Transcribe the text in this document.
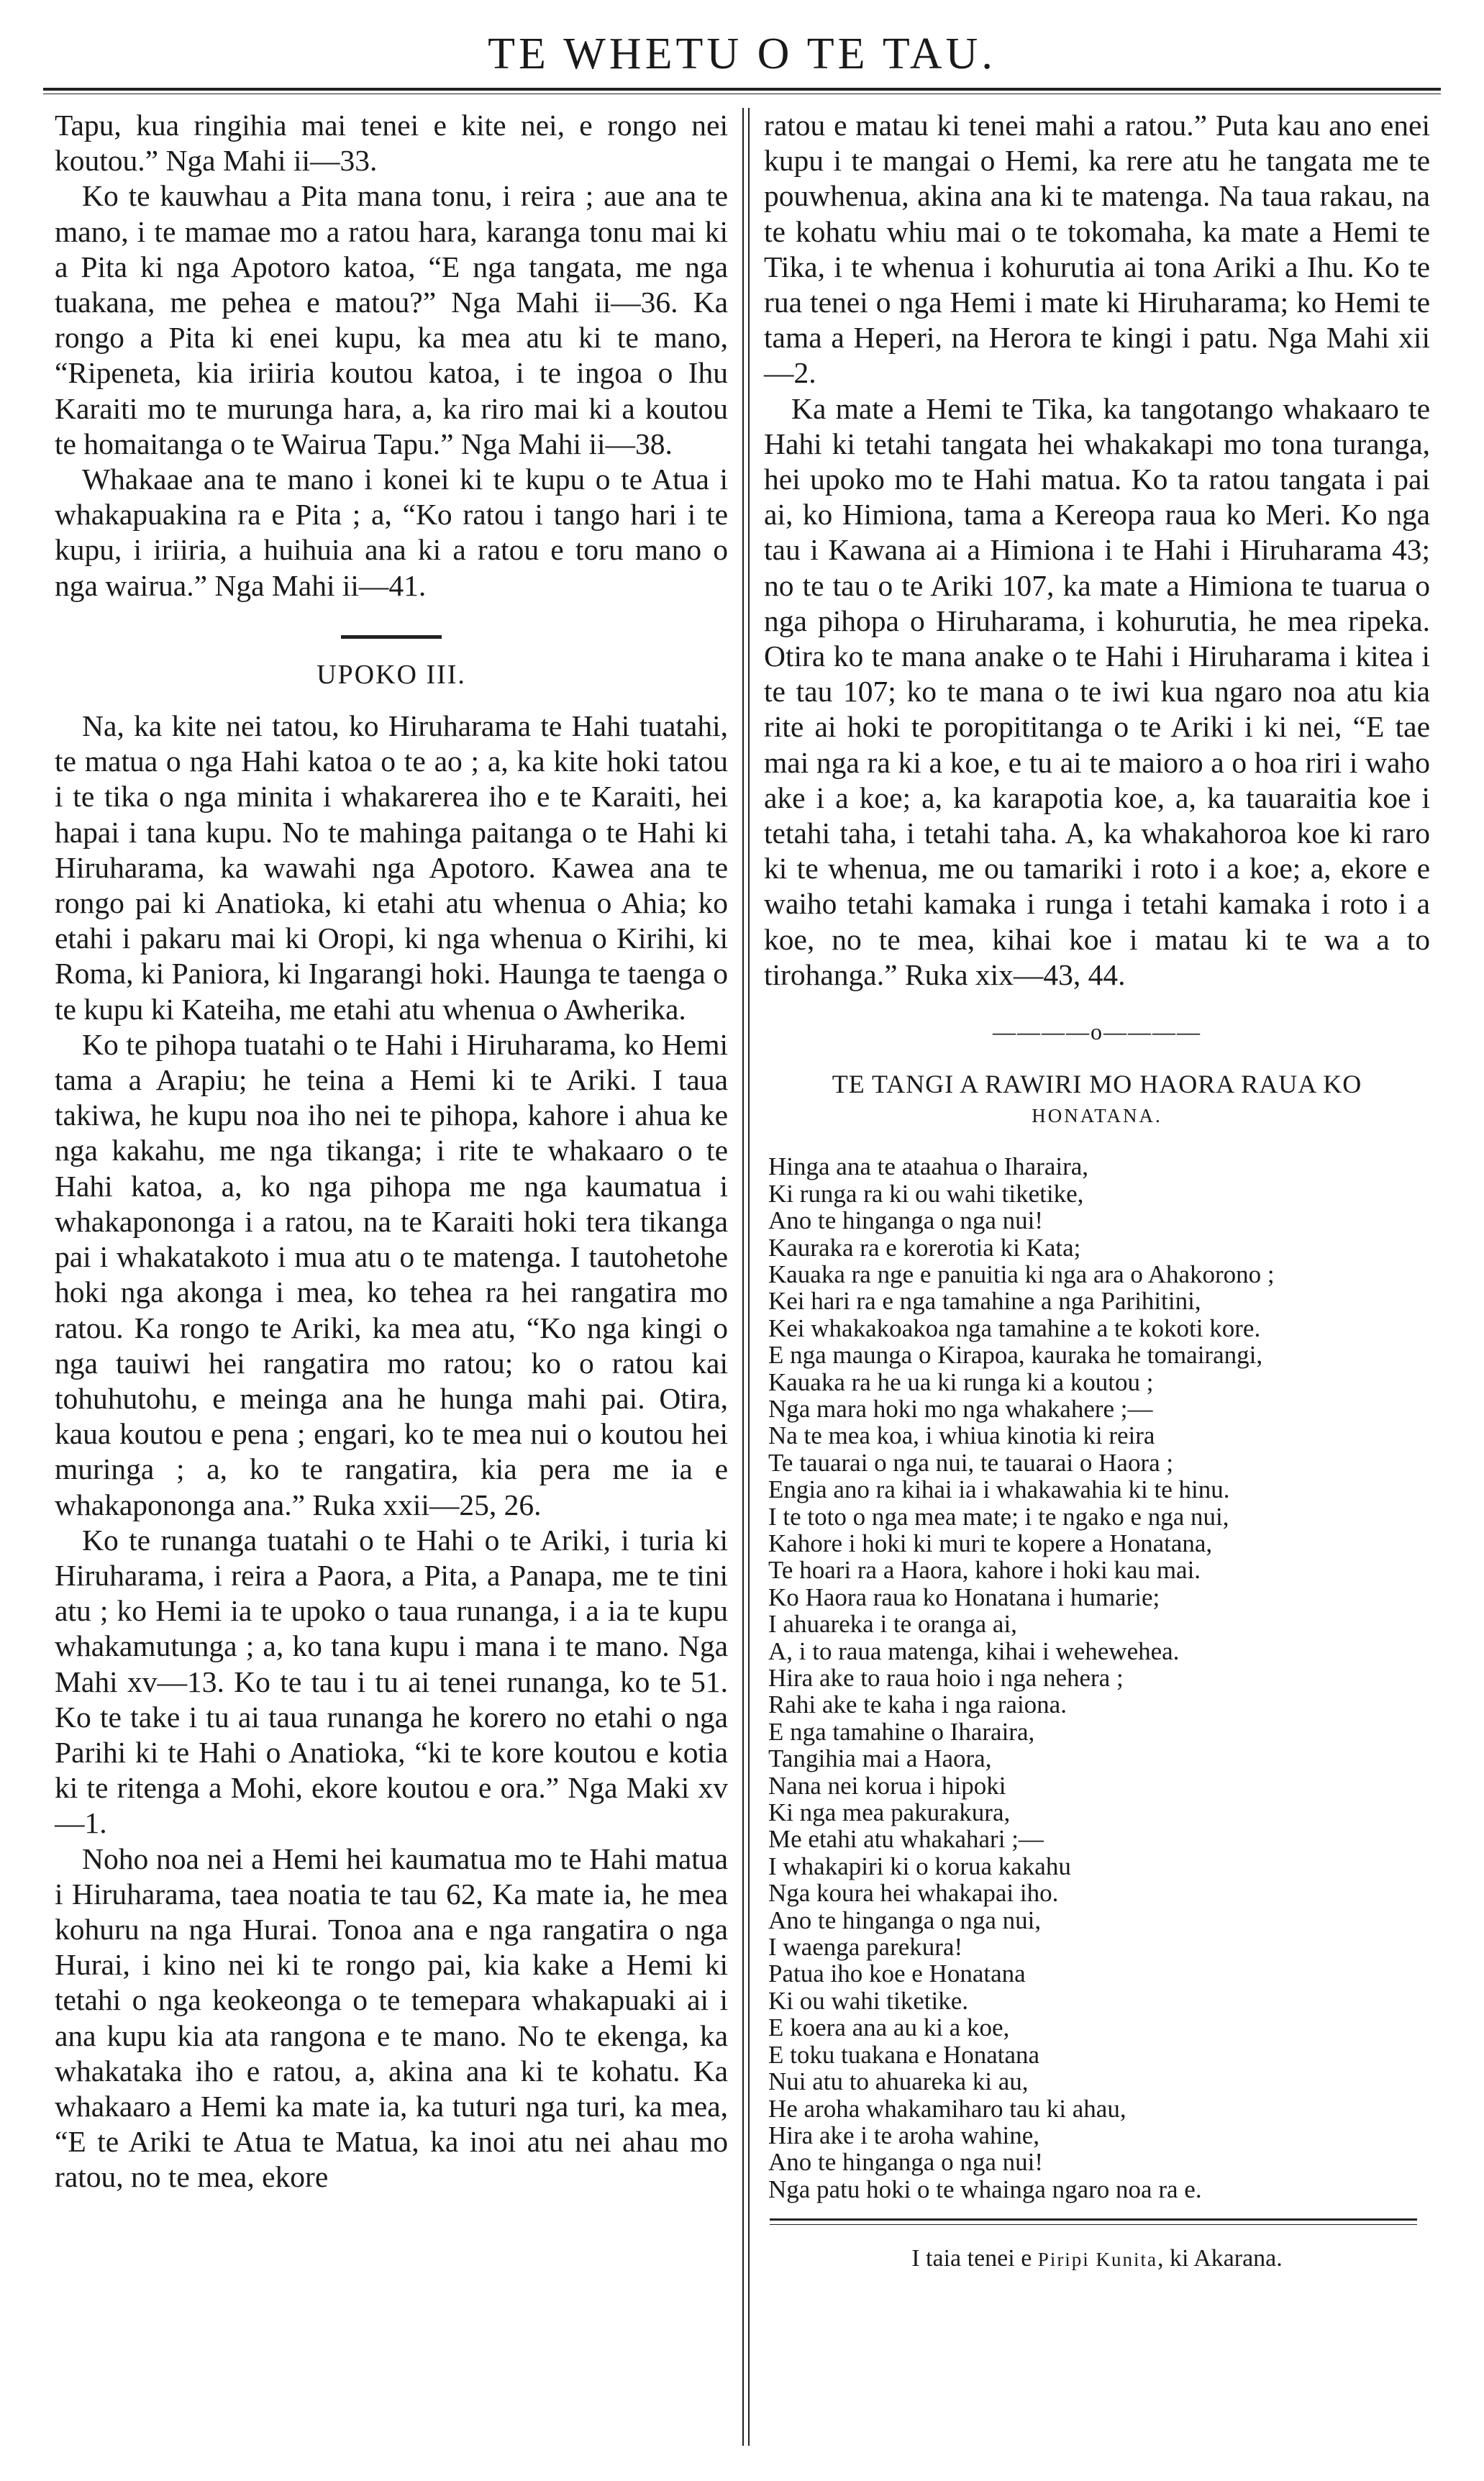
TE WHETU O TE TAU.

Tapu, kua ringihia mai tenei e kite nei, e rongo nei koutou.” Nga Mahi ii—33.

Ko te kauwhau a Pita mana tonu, i reira ; aue ana te mano, i te mamae mo a ratou hara, karanga tonu mai ki a Pita ki nga Apotoro katoa, “E nga tangata, me nga tuakana, me pehea e matou?” Nga Mahi ii—36. Ka rongo a Pita ki enei kupu, ka mea atu ki te mano, “Ripeneta, kia iriiria koutou katoa, i te ingoa o Ihu Karaiti mo te murunga hara, a, ka riro mai ki a koutou te homaitanga o te Wairua Tapu.” Nga Mahi ii—38.

Whakaae ana te mano i konei ki te kupu o te Atua i whakapuakina ra e Pita ; a, “Ko ratou i tango hari i te kupu, i iriiria, a huihuia ana ki a ratou e toru mano o nga wairua.” Nga Mahi ii—41.

UPOKO III.

Na, ka kite nei tatou, ko Hiruharama te Hahi tuatahi, te matua o nga Hahi katoa o te ao ; a, ka kite hoki tatou i te tika o nga minita i whakarerea iho e te Karaiti, hei hapai i tana kupu. No te mahinga paitanga o te Hahi ki Hiruharama, ka wawahi nga Apotoro. Kawea ana te rongo pai ki Anatioka, ki etahi atu whenua o Ahia; ko etahi i pakaru mai ki Oropi, ki nga whenua o Kirihi, ki Roma, ki Paniora, ki Ingarangi hoki. Haunga te taenga o te kupu ki Kateiha, me etahi atu whenua o Awherika.

Ko te pihopa tuatahi o te Hahi i Hiruharama, ko Hemi tama a Arapiu; he teina a Hemi ki te Ariki. I taua takiwa, he kupu noa iho nei te pihopa, kahore i ahua ke nga kakahu, me nga tikanga; i rite te whakaaro o te Hahi katoa, a, ko nga pihopa me nga kaumatua i whakapononga i a ratou, na te Karaiti hoki tera tikanga pai i whakatakoto i mua atu o te matenga. I tautohetohe hoki nga akonga i mea, ko tehea ra hei rangatira mo ratou. Ka rongo te Ariki, ka mea atu, “Ko nga kingi o nga tauiwi hei rangatira mo ratou; ko o ratou kai tohuhutohu, e meinga ana he hunga mahi pai. Otira, kaua koutou e pena ; engari, ko te mea nui o koutou hei muringa ; a, ko te rangatira, kia pera me ia e whakapononga ana.” Ruka xxii—25, 26.

Ko te runanga tuatahi o te Hahi o te Ariki, i turia ki Hiruharama, i reira a Paora, a Pita, a Panapa, me te tini atu ; ko Hemi ia te upoko o taua runanga, i a ia te kupu whakamutunga ; a, ko tana kupu i mana i te mano. Nga Mahi xv—13. Ko te tau i tu ai tenei runanga, ko te 51. Ko te take i tu ai taua runanga he korero no etahi o nga Parihi ki te Hahi o Anatioka, “ki te kore koutou e kotia ki te ritenga a Mohi, ekore koutou e ora.” Nga Maki xv—1.

Noho noa nei a Hemi hei kaumatua mo te Hahi matua i Hiruharama, taea noatia te tau 62, Ka mate ia, he mea kohuru na nga Hurai. Tonoa ana e nga rangatira o nga Hurai, i kino nei ki te rongo pai, kia kake a Hemi ki tetahi o nga keokeonga o te temepara whakapuaki ai i ana kupu kia ata rangona e te mano. No te ekenga, ka whakataka iho e ratou, a, akina ana ki te kohatu. Ka whakaaro a Hemi ka mate ia, ka tuturi nga turi, ka mea, “E te Ariki te Atua te Matua, ka inoi atu nei ahau mo ratou, no te mea, ekore

ratou e matau ki tenei mahi a ratou.” Puta kau ano enei kupu i te mangai o Hemi, ka rere atu he tangata me te pouwhenua, akina ana ki te matenga. Na taua rakau, na te kohatu whiu mai o te tokomaha, ka mate a Hemi te Tika, i te whenua i kohurutia ai tona Ariki a Ihu. Ko te rua tenei o nga Hemi i mate ki Hiruharama; ko Hemi te tama a Heperi, na Herora te kingi i patu. Nga Mahi xii—2.

Ka mate a Hemi te Tika, ka tangotango whakaaro te Hahi ki tetahi tangata hei whakakapi mo tona turanga, hei upoko mo te Hahi matua. Ko ta ratou tangata i pai ai, ko Himiona, tama a Kereopa raua ko Meri. Ko nga tau i Kawana ai a Himiona i te Hahi i Hiruharama 43; no te tau o te Ariki 107, ka mate a Himiona te tuarua o nga pihopa o Hiruharama, i kohurutia, he mea ripeka. Otira ko te mana anake o te Hahi i Hiruharama i kitea i te tau 107; ko te mana o te iwi kua ngaro noa atu kia rite ai hoki te poropititanga o te Ariki i ki nei, “E tae mai nga ra ki a koe, e tu ai te maioro a o hoa riri i waho ake i a koe; a, ka karapotia koe, a, ka tauaraitia koe i tetahi taha, i tetahi taha. A, ka whakahoroa koe ki raro ki te whenua, me ou tamariki i roto i a koe; a, ekore e waiho tetahi kamaka i runga i tetahi kamaka i roto i a koe, no te mea, kihai koe i matau ki te wa a to tirohanga.” Ruka xix—43, 44.

————o————
TE TANGI A RAWIRI MO HAORA RAUA KO
HONATANA.
Hinga ana te ataahua o Iharaira,
Ki runga ra ki ou wahi tiketike,
Ano te hinganga o nga nui!
Kauraka ra e korerotia ki Kata;
Kauaka ra nge e panuitia ki nga ara o Ahakorono ;
Kei hari ra e nga tamahine a nga Parihitini,
Kei whakakoakoa nga tamahine a te kokoti kore.
E nga maunga o Kirapoa, kauraka he tomairangi,
Kauaka ra he ua ki runga ki a koutou ;
Nga mara hoki mo nga whakahere ;—
Na te mea koa, i whiua kinotia ki reira
Te tauarai o nga nui, te tauarai o Haora ;
Engia ano ra kihai ia i whakawahia ki te hinu.
I te toto o nga mea mate; i te ngako e nga nui,
Kahore i hoki ki muri te kopere a Honatana,
Te hoari ra a Haora, kahore i hoki kau mai.
Ko Haora raua ko Honatana i humarie;
I ahuareka i te oranga ai,
A, i to raua matenga, kihai i wehewehea.
Hira ake to raua hoio i nga nehera ;
Rahi ake te kaha i nga raiona.
E nga tamahine o Iharaira,
Tangihia mai a Haora,
Nana nei korua i hipoki
Ki nga mea pakurakura,
Me etahi atu whakahari ;—
I whakapiri ki o korua kakahu
Nga koura hei whakapai iho.
Ano te hinganga o nga nui,
I waenga parekura!
Patua iho koe e Honatana
Ki ou wahi tiketike.
E koera ana au ki a koe,
E toku tuakana e Honatana
Nui atu to ahuareka ki au,
He aroha whakamiharo tau ki ahau,
Hira ake i te aroha wahine,
Ano te hinganga o nga nui!
Nga patu hoki o te whainga ngaro noa ra e.
I taia tenei e Piripi Kunita, ki Akarana.
